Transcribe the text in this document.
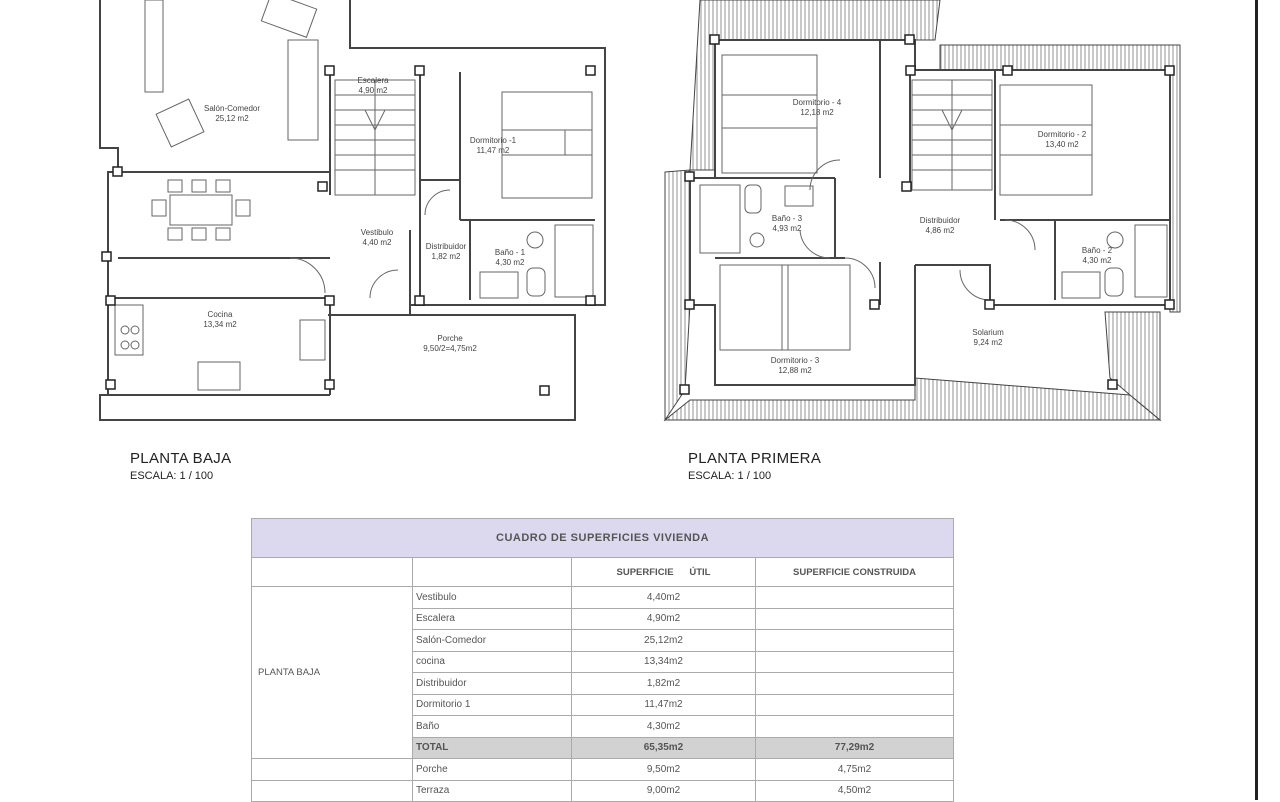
Salón-Comedor
25,12 m2
Escalera
4,90 m2
Dormitorio -1
11,47 m2
Vestibulo
4,40 m2	Distribuidor
1,82 m2	Baño - 1
4,30 m2
Cocina
13,34 m2
Porche
9,50/2=4,75m2
Dormitorio - 4
12,18 m2
Dormitorio - 2
13,40 m2
Baño - 3
4,93 m2
Distribuidor
4,86 m2
Baño - 2
4,30 m2
Dormitorio - 3
12,88 m2
Solarium
9,24 m2
PLANTA BAJA
ESCALA: 1 / 100
PLANTA PRIMERA
ESCALA: 1 / 100
CUADRO DE SUPERFICIES VIVIENDA			
		SUPERFICIE      ÚTIL	SUPERFICIE CONSTRUIDA
PLANTA BAJA	Vestibulo	4,40m2	
	Escalera	4,90m2	
	Salón-Comedor	25,12m2	
	cocina	13,34m2	
	Distribuidor	1,82m2	
	Dormitorio 1	11,47m2	
	Baño	4,30m2	
	TOTAL	65,35m2	77,29m2
	Porche	9,50m2	4,75m2
	Terraza	9,00m2	4,50m2
